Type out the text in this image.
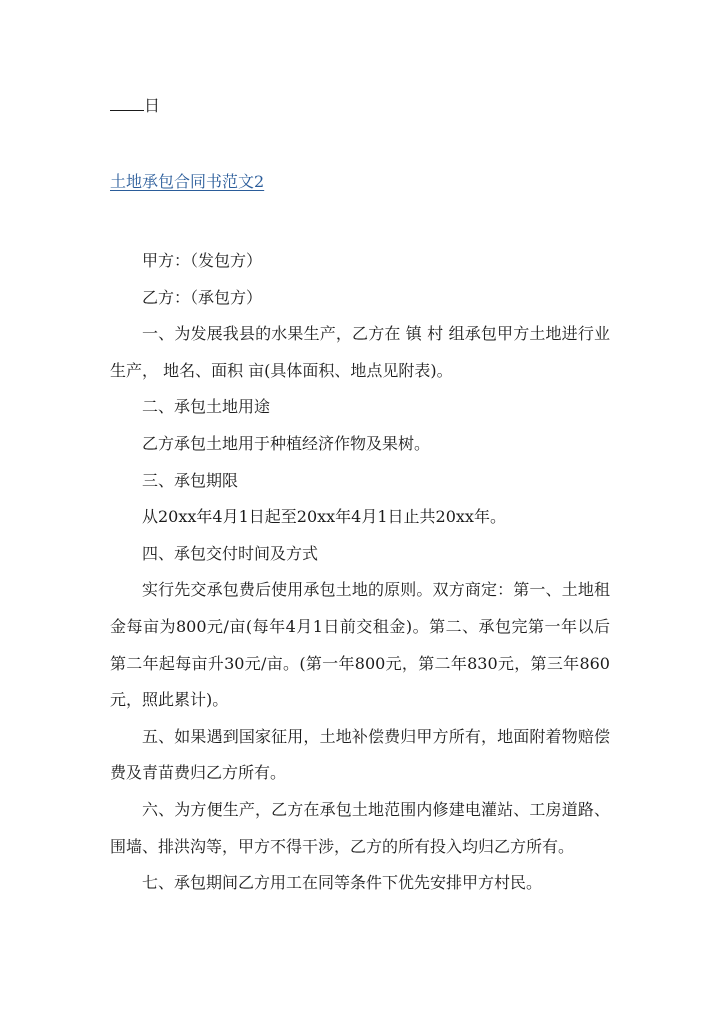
日
土地承包合同书范文2

甲方：（发包方）

乙方：（承包方）

一、为发展我县的水果生产，乙方在 镇 村 组承包甲方土地进行业生产， 地名、面积 亩(具体面积、地点见附表)。

二、承包土地用途

乙方承包土地用于种植经济作物及果树。

三、承包期限

从20xx年4月1日起至20xx年4月1日止共20xx年。

四、承包交付时间及方式

实行先交承包费后使用承包土地的原则。双方商定：第一、土地租金每亩为800元/亩(每年4月1日前交租金)。第二、承包完第一年以后第二年起每亩升30元/亩。(第一年800元，第二年830元，第三年860元，照此累计)。

五、如果遇到国家征用，土地补偿费归甲方所有，地面附着物赔偿费及青苗费归乙方所有。

六、为方便生产，乙方在承包土地范围内修建电灌站、工房道路、围墙、排洪沟等，甲方不得干涉，乙方的所有投入均归乙方所有。

七、承包期间乙方用工在同等条件下优先安排甲方村民。
